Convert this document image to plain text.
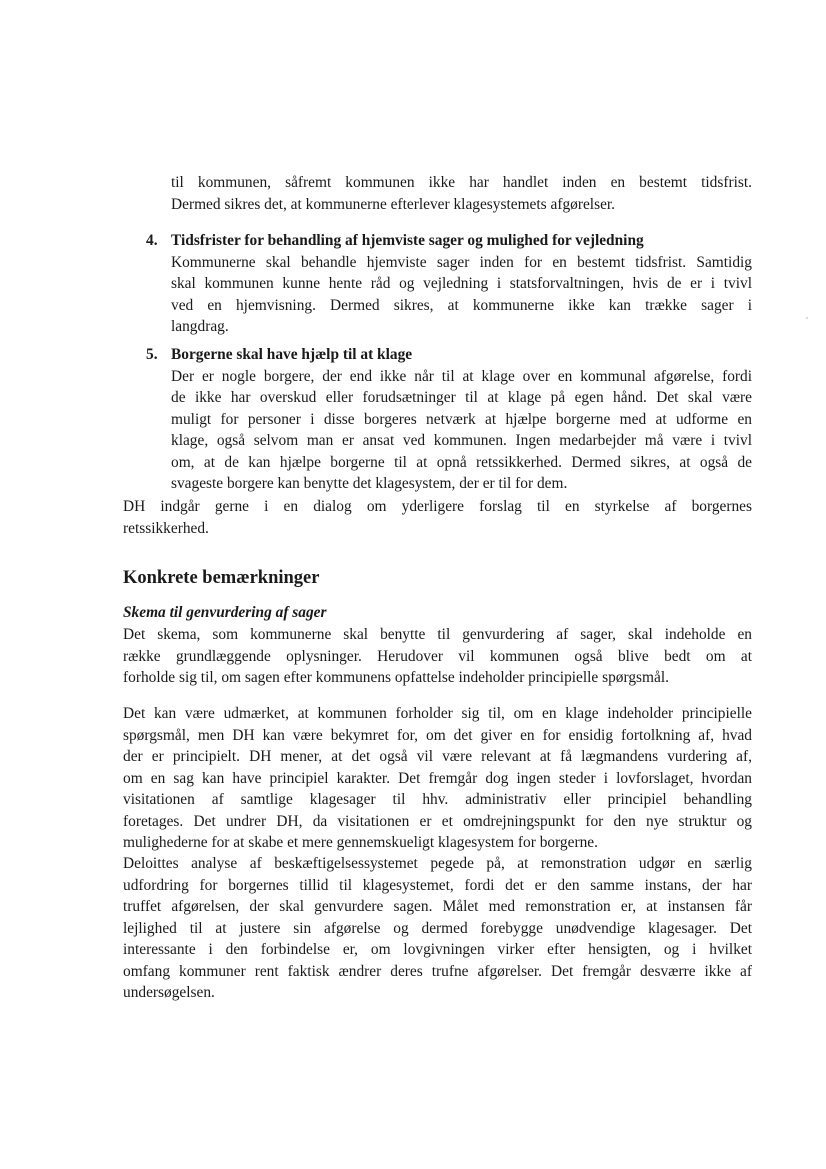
til kommunen, såfremt kommunen ikke har handlet inden en bestemt tidsfrist.
Dermed sikres det, at kommunerne efterlever klagesystemets afgørelser.
4. Tidsfrister for behandling af hjemviste sager og mulighed for vejledning
Kommunerne skal behandle hjemviste sager inden for en bestemt tidsfrist. Samtidig
skal kommunen kunne hente råd og vejledning i statsforvaltningen, hvis de er i tvivl
ved en hjemvisning. Dermed sikres, at kommunerne ikke kan trække sager i
langdrag.
5. Borgerne skal have hjælp til at klage
Der er nogle borgere, der end ikke når til at klage over en kommunal afgørelse, fordi
de ikke har overskud eller forudsætninger til at klage på egen hånd. Det skal være
muligt for personer i disse borgeres netværk at hjælpe borgerne med at udforme en
klage, også selvom man er ansat ved kommunen. Ingen medarbejder må være i tvivl
om, at de kan hjælpe borgerne til at opnå retssikkerhed. Dermed sikres, at også de
svageste borgere kan benytte det klagesystem, der er til for dem.
DH indgår gerne i en dialog om yderligere forslag til en styrkelse af borgernes
retssikkerhed.
Konkrete bemærkninger
Skema til genvurdering af sager
Det skema, som kommunerne skal benytte til genvurdering af sager, skal indeholde en
række grundlæggende oplysninger. Herudover vil kommunen også blive bedt om at
forholde sig til, om sagen efter kommunens opfattelse indeholder principielle spørgsmål.
Det kan være udmærket, at kommunen forholder sig til, om en klage indeholder principielle
spørgsmål, men DH kan være bekymret for, om det giver en for ensidig fortolkning af, hvad
der er principielt. DH mener, at det også vil være relevant at få lægmandens vurdering af,
om en sag kan have principiel karakter. Det fremgår dog ingen steder i lovforslaget, hvordan
visitationen af samtlige klagesager til hhv. administrativ eller principiel behandling
foretages. Det undrer DH, da visitationen er et omdrejningspunkt for den nye struktur og
mulighederne for at skabe et mere gennemskueligt klagesystem for borgerne.
Deloittes analyse af beskæftigelsessystemet pegede på, at remonstration udgør en særlig
udfordring for borgernes tillid til klagesystemet, fordi det er den samme instans, der har
truffet afgørelsen, der skal genvurdere sagen. Målet med remonstration er, at instansen får
lejlighed til at justere sin afgørelse og dermed forebygge unødvendige klagesager. Det
interessante i den forbindelse er, om lovgivningen virker efter hensigten, og i hvilket
omfang kommuner rent faktisk ændrer deres trufne afgørelser. Det fremgår desværre ikke af
undersøgelsen.
